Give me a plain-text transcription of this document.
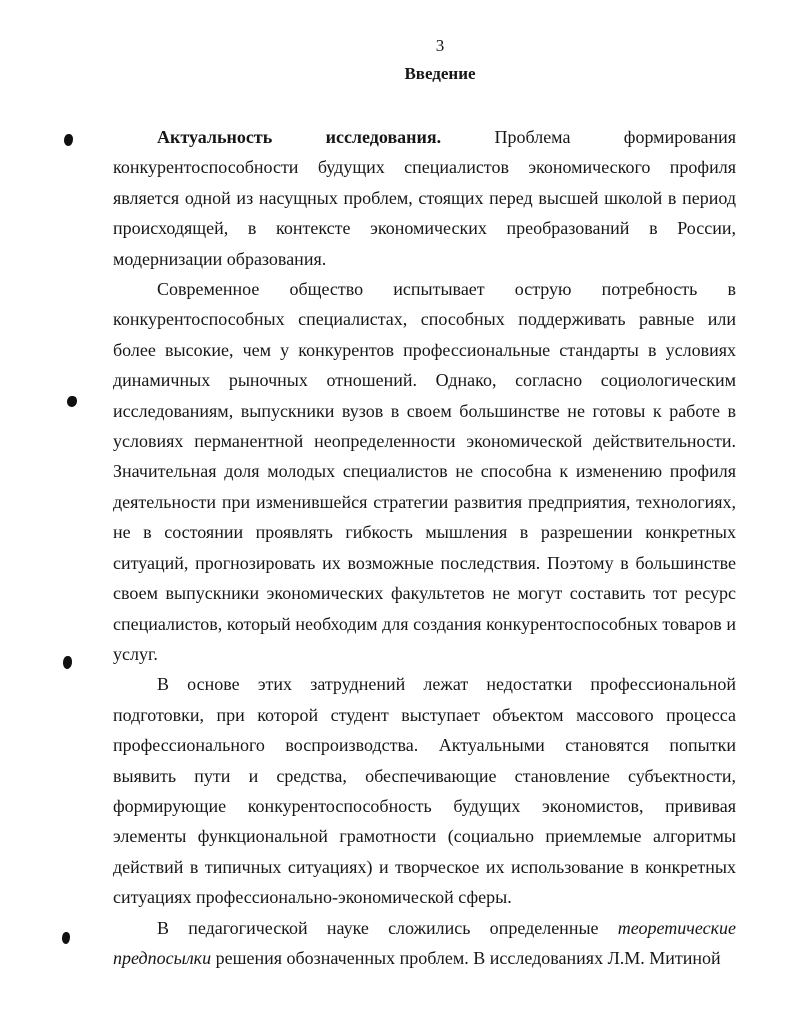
3
Введение

Актуальность исследования. Проблема формирования конкурентоспособности будущих специалистов экономического профиля является одной из насущных проблем, стоящих перед высшей школой в период происходящей, в контексте экономических преобразований в России, модернизации образования.

Современное общество испытывает острую потребность в конкурентоспособных специалистах, способных поддерживать равные или более высокие, чем у конкурентов профессиональные стандарты в условиях динамичных рыночных отношений. Однако, согласно социологическим исследованиям, выпускники вузов в своем большинстве не готовы к работе в условиях перманентной неопределенности экономической действительности. Значительная доля молодых специалистов не способна к изменению профиля деятельности при изменившейся стратегии развития предприятия, технологиях, не в состоянии проявлять гибкость мышления в разрешении конкретных ситуаций, прогнозировать их возможные последствия. Поэтому в большинстве своем выпускники экономических факультетов не могут составить тот ресурс специалистов, который необходим для создания конкурентоспособных товаров и услуг.

В основе этих затруднений лежат недостатки профессиональной подготовки, при которой студент выступает объектом массового процесса профессионального воспроизводства. Актуальными становятся попытки выявить пути и средства, обеспечивающие становление субъектности, формирующие конкурентоспособность будущих экономистов, прививая элементы функциональной грамотности (социально приемлемые алгоритмы действий в типичных ситуациях) и творческое их использование в конкретных ситуациях профессионально-экономической сферы.

В педагогической науке сложились определенные теоретические предпосылки решения обозначенных проблем. В исследованиях Л.М. Митиной
